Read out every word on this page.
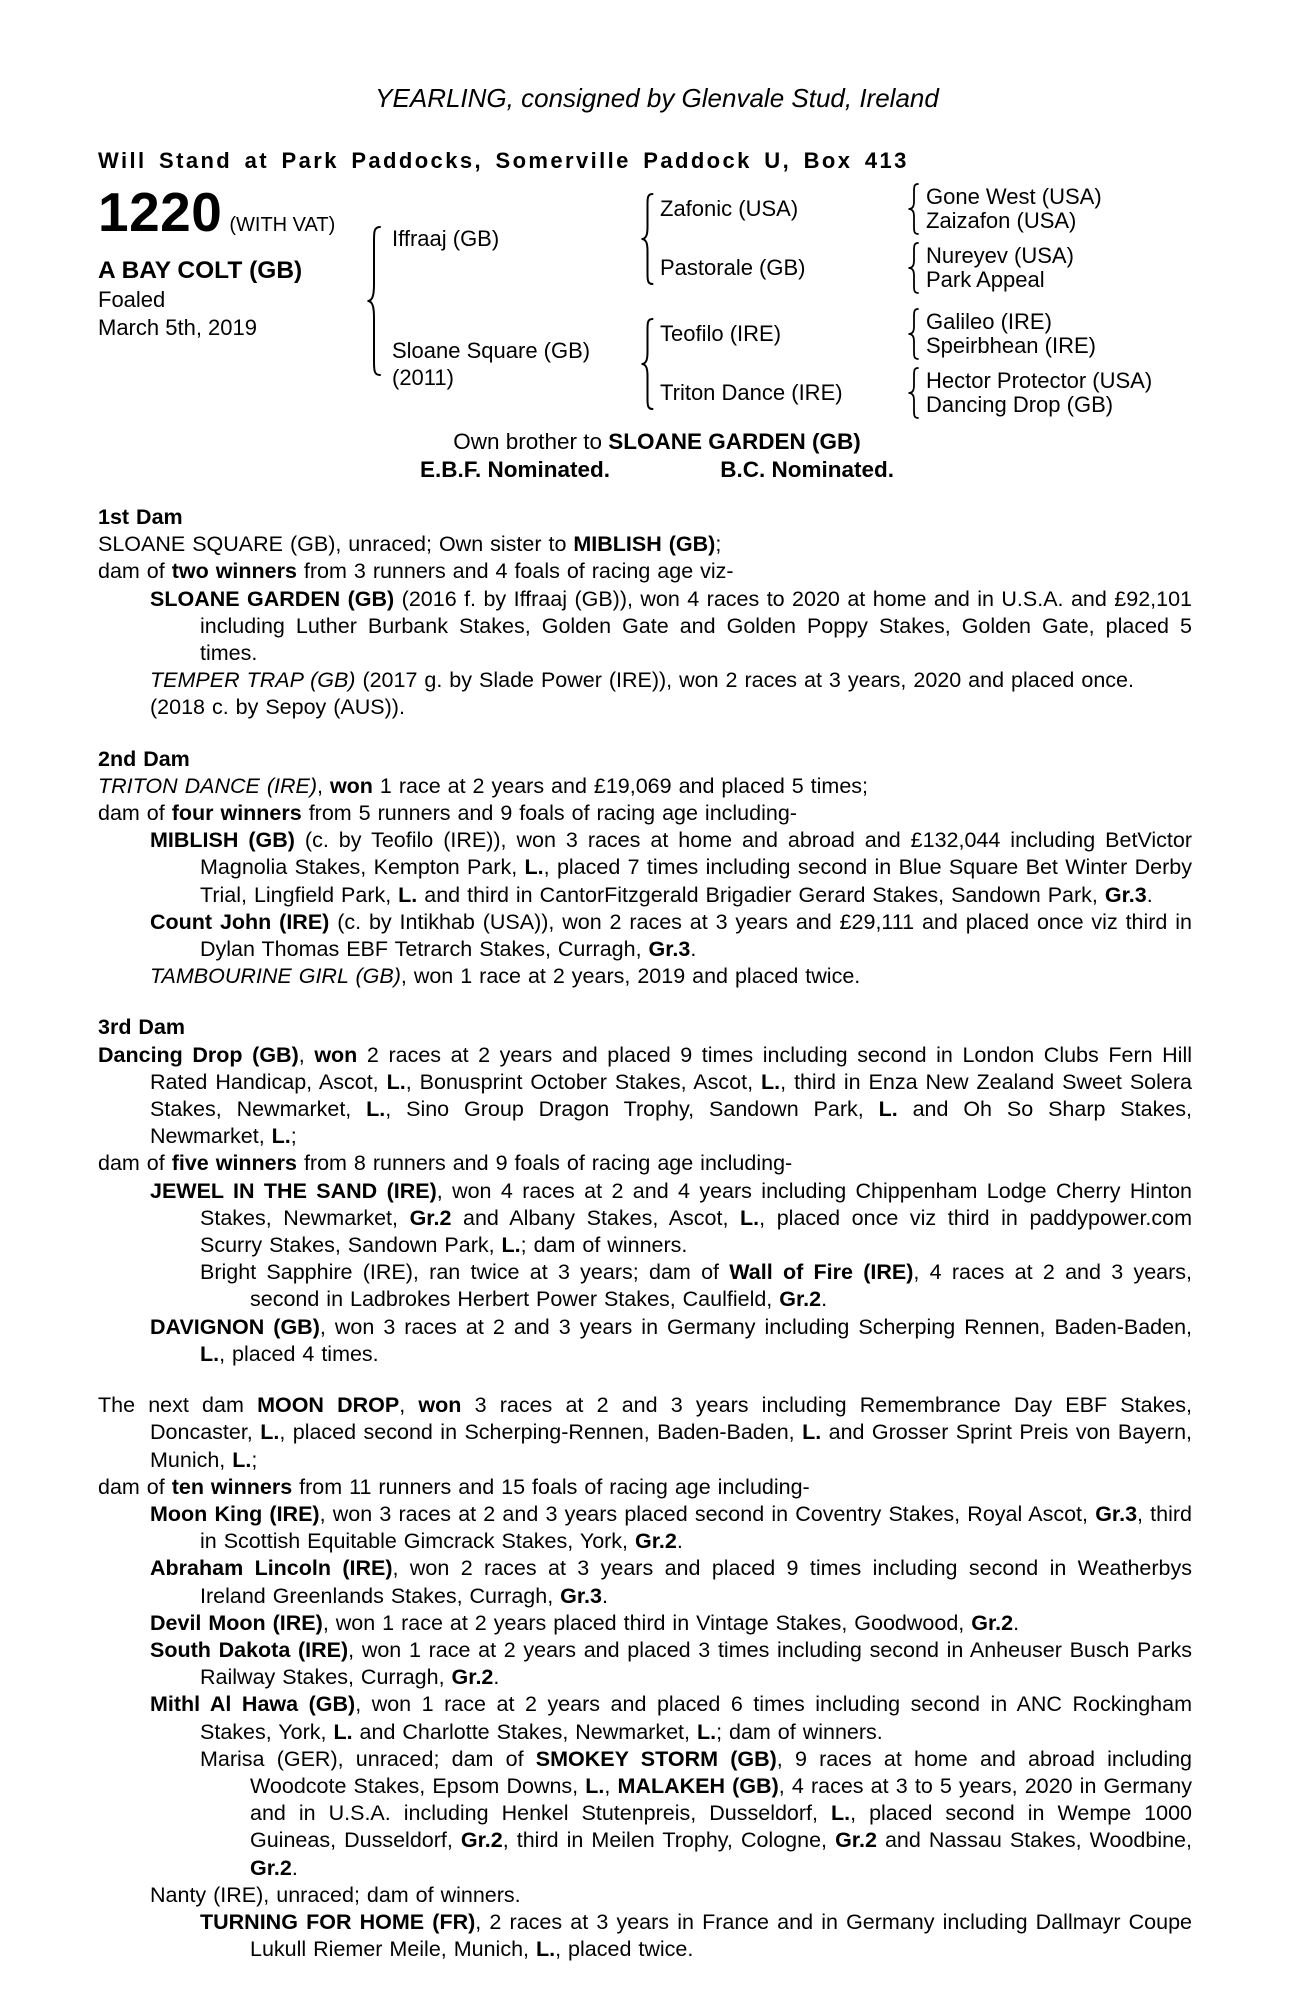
YEARLING, consigned by Glenvale Stud, Ireland
Will Stand at Park Paddocks, Somerville Paddock U, Box 413
1220 (WITH VAT)
A BAY COLT (GB)
Foaled
March 5th, 2019
Iffraaj (GB)
Zafonic (USA)	Gone West (USA)
Zaizafon (USA)
Pastorale (GB)	Nureyev (USA)
Park Appeal
Sloane Square (GB)
(2011)
Teofilo (IRE)	Galileo (IRE)
Speirbhean (IRE)
Triton Dance (IRE)	Hector Protector (USA)
Dancing Drop (GB)
Own brother to SLOANE GARDEN (GB)
E.B.F. Nominated.	B.C. Nominated.

1st Dam

SLOANE SQUARE (GB), unraced; Own sister to MIBLISH (GB);

dam of two winners from 3 runners and 4 foals of racing age viz-

SLOANE GARDEN (GB) (2016 f. by Iffraaj (GB)), won 4 races to 2020 at home and in U.S.A. and £92,101 including Luther Burbank Stakes, Golden Gate and Golden Poppy Stakes, Golden Gate, placed 5 times.

TEMPER TRAP (GB) (2017 g. by Slade Power (IRE)), won 2 races at 3 years, 2020 and placed once.

(2018 c. by Sepoy (AUS)).

2nd Dam

TRITON DANCE (IRE), won 1 race at 2 years and £19,069 and placed 5 times;

dam of four winners from 5 runners and 9 foals of racing age including-

MIBLISH (GB) (c. by Teofilo (IRE)), won 3 races at home and abroad and £132,044 including BetVictor Magnolia Stakes, Kempton Park, L., placed 7 times including second in Blue Square Bet Winter Derby Trial, Lingfield Park, L. and third in CantorFitzgerald Brigadier Gerard Stakes, Sandown Park, Gr.3.

Count John (IRE) (c. by Intikhab (USA)), won 2 races at 3 years and £29,111 and placed once viz third in Dylan Thomas EBF Tetrarch Stakes, Curragh, Gr.3.

TAMBOURINE GIRL (GB), won 1 race at 2 years, 2019 and placed twice.

3rd Dam

Dancing Drop (GB), won 2 races at 2 years and placed 9 times including second in London Clubs Fern Hill Rated Handicap, Ascot, L., Bonusprint October Stakes, Ascot, L., third in Enza New Zealand Sweet Solera Stakes, Newmarket, L., Sino Group Dragon Trophy, Sandown Park, L. and Oh So Sharp Stakes, Newmarket, L.;

dam of five winners from 8 runners and 9 foals of racing age including-

JEWEL IN THE SAND (IRE), won 4 races at 2 and 4 years including Chippenham Lodge Cherry Hinton Stakes, Newmarket, Gr.2 and Albany Stakes, Ascot, L., placed once viz third in paddypower.com Scurry Stakes, Sandown Park, L.; dam of winners.

Bright Sapphire (IRE), ran twice at 3 years; dam of Wall of Fire (IRE), 4 races at 2 and 3 years, second in Ladbrokes Herbert Power Stakes, Caulfield, Gr.2.

DAVIGNON (GB), won 3 races at 2 and 3 years in Germany including Scherping Rennen, Baden-Baden, L., placed 4 times.

The next dam MOON DROP, won 3 races at 2 and 3 years including Remembrance Day EBF Stakes, Doncaster, L., placed second in Scherping-Rennen, Baden-Baden, L. and Grosser Sprint Preis von Bayern, Munich, L.;

dam of ten winners from 11 runners and 15 foals of racing age including-

Moon King (IRE), won 3 races at 2 and 3 years placed second in Coventry Stakes, Royal Ascot, Gr.3, third in Scottish Equitable Gimcrack Stakes, York, Gr.2.

Abraham Lincoln (IRE), won 2 races at 3 years and placed 9 times including second in Weatherbys Ireland Greenlands Stakes, Curragh, Gr.3.

Devil Moon (IRE), won 1 race at 2 years placed third in Vintage Stakes, Goodwood, Gr.2.

South Dakota (IRE), won 1 race at 2 years and placed 3 times including second in Anheuser Busch Parks Railway Stakes, Curragh, Gr.2.

Mithl Al Hawa (GB), won 1 race at 2 years and placed 6 times including second in ANC Rockingham Stakes, York, L. and Charlotte Stakes, Newmarket, L.; dam of winners.

Marisa (GER), unraced; dam of SMOKEY STORM (GB), 9 races at home and abroad including Woodcote Stakes, Epsom Downs, L., MALAKEH (GB), 4 races at 3 to 5 years, 2020 in Germany and in U.S.A. including Henkel Stutenpreis, Dusseldorf, L., placed second in Wempe 1000 Guineas, Dusseldorf, Gr.2, third in Meilen Trophy, Cologne, Gr.2 and Nassau Stakes, Woodbine, Gr.2.

Nanty (IRE), unraced; dam of winners.

TURNING FOR HOME (FR), 2 races at 3 years in France and in Germany including Dallmayr Coupe Lukull Riemer Meile, Munich, L., placed twice.
